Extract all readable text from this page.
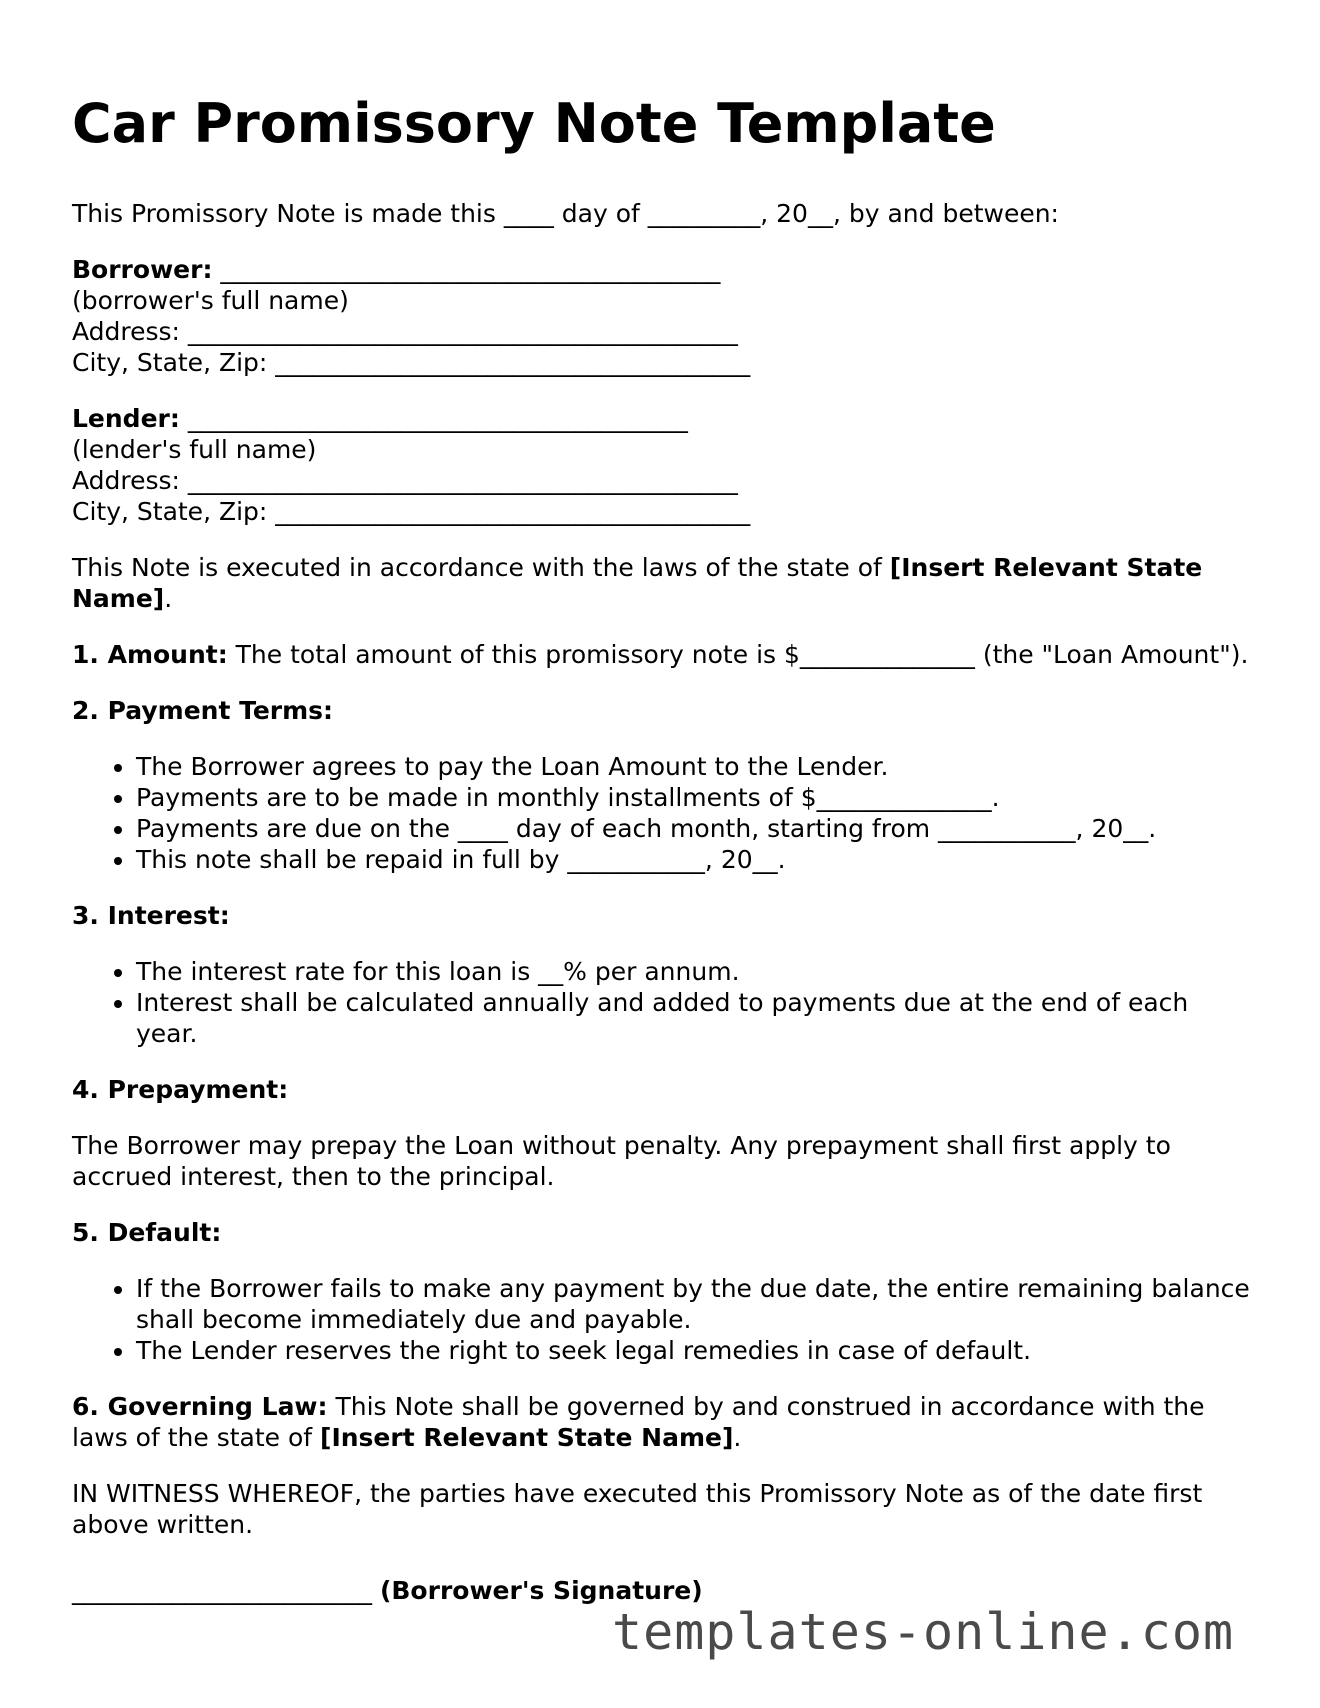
Car Promissory Note Template

This Promissory Note is made this ____ day of _________, 20__, by and between:

Borrower: ________________________________________

(borrower's full name)

Address: ____________________________________________

City, State, Zip: ______________________________________

Lender: ________________________________________

(lender's full name)

Address: ____________________________________________

City, State, Zip: ______________________________________

This Note is executed in accordance with the laws of the state of [Insert Relevant State Name].

1. Amount: The total amount of this promissory note is $______________ (the "Loan Amount").

2. Payment Terms:

• The Borrower agrees to pay the Loan Amount to the Lender.
• Payments are to be made in monthly installments of $______________.
• Payments are due on the ____ day of each month, starting from ___________, 20__.
• This note shall be repaid in full by ___________, 20__.

3. Interest:

• The interest rate for this loan is __% per annum.
• Interest shall be calculated annually and added to payments due at the end of each year.

4. Prepayment:

The Borrower may prepay the Loan without penalty. Any prepayment shall first apply to accrued interest, then to the principal.

5. Default:

• If the Borrower fails to make any payment by the due date, the entire remaining balance shall become immediately due and payable.
• The Lender reserves the right to seek legal remedies in case of default.

6. Governing Law: This Note shall be governed by and construed in accordance with the laws of the state of [Insert Relevant State Name].

IN WITNESS WHEREOF, the parties have executed this Promissory Note as of the date first above written.

________________________ (Borrower's Signature)

templates-online.com
